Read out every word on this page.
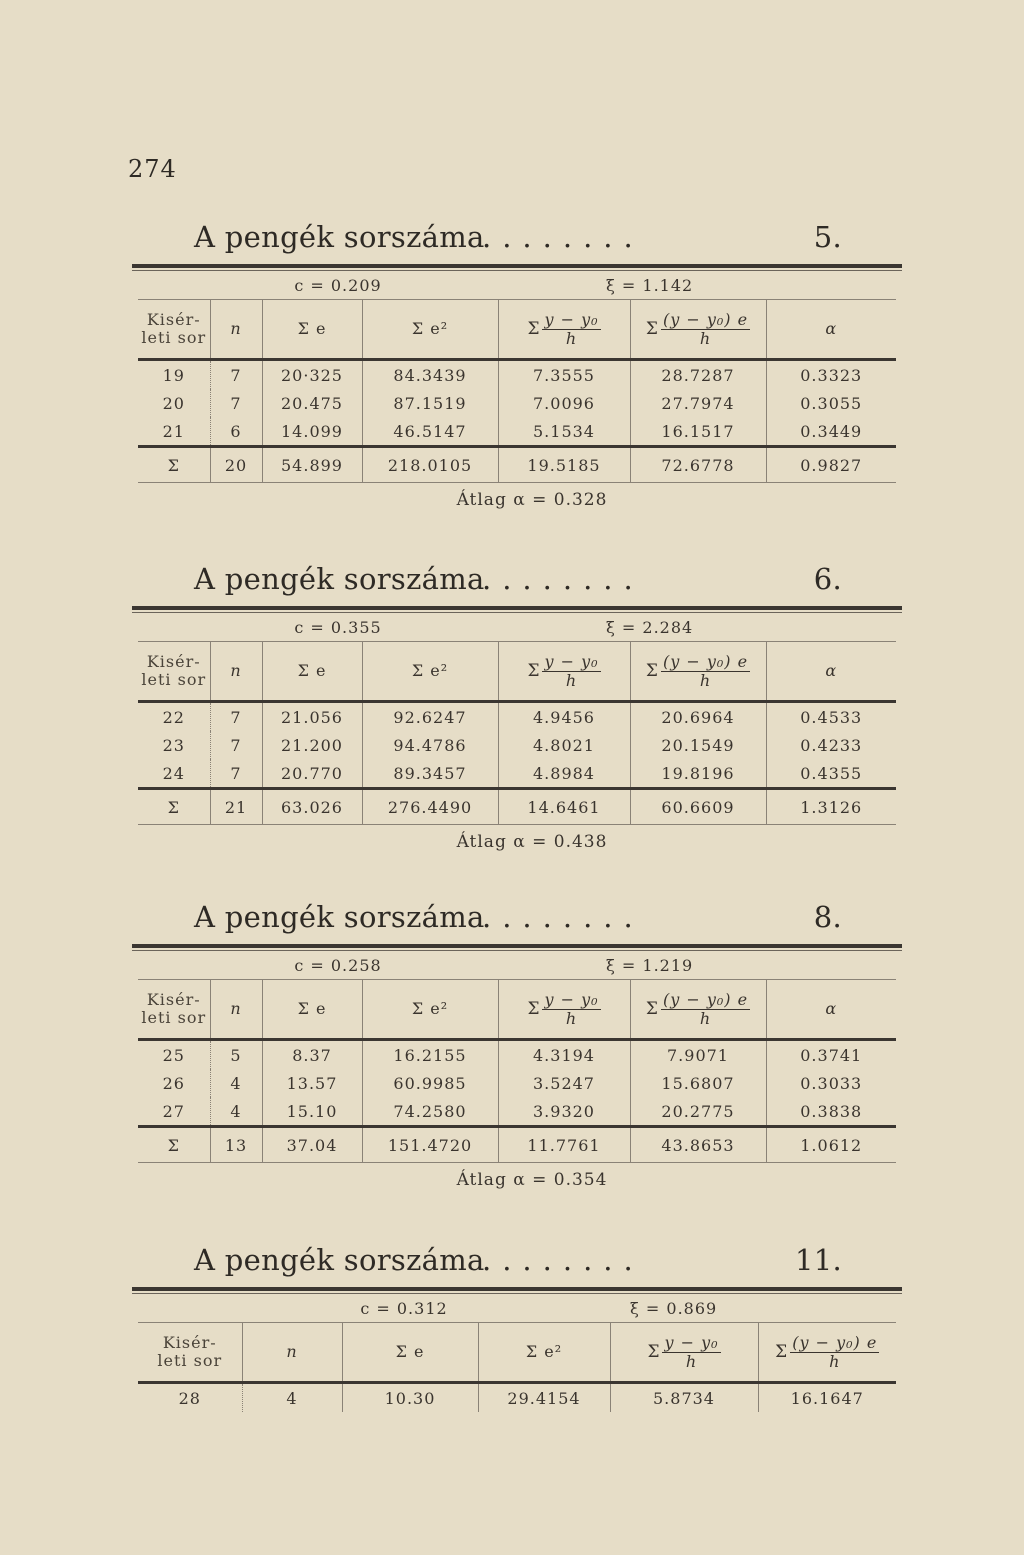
274
A pengék sorszáma
........	5.
c = 0.209				ξ = 1.142		
Kisér-
leti sor	n	Σ e	Σ e²	Σ $\frac{\text{y − y₀}}{h}$	Σ $\frac{\text{(y − y₀) e}}{h}$	α

19	7	20·325	84.3439	7.3555	28.7287	0.3323
20	7	20.475	87.1519	7.0096	27.7974	0.3055
21	6	14.099	46.5147	5.1534	16.1517	0.3449
Σ	20	54.899	218.0105	19.5185	72.6778	0.9827
Átlag α = 0.328						
A pengék sorszáma
........	6.
c = 0.355				ξ = 2.284		
Kisér-
leti sor	n	Σ e	Σ e²	Σ $\frac{\text{y − y₀}}{h}$	Σ $\frac{\text{(y − y₀) e}}{h}$	α

22	7	21.056	92.6247	4.9456	20.6964	0.4533
23	7	21.200	94.4786	4.8021	20.1549	0.4233
24	7	20.770	89.3457	4.8984	19.8196	0.4355
Σ	21	63.026	276.4490	14.6461	60.6609	1.3126
Átlag α = 0.438						
A pengék sorszáma
........	8.
c = 0.258				ξ = 1.219		
Kisér-
leti sor	n	Σ e	Σ e²	Σ $\frac{\text{y − y₀}}{h}$	Σ $\frac{\text{(y − y₀) e}}{h}$	α

25	5	8.37	16.2155	4.3194	7.9071	0.3741
26	4	13.57	60.9985	3.5247	15.6807	0.3033
27	4	15.10	74.2580	3.9320	20.2775	0.3838
Σ	13	37.04	151.4720	11.7761	43.8653	1.0612
Átlag α = 0.354						
A pengék sorszáma
........	11.
c = 0.312				ξ = 0.869	
Kisér-
leti sor	n	Σ e	Σ e²	Σ $\frac{\text{y − y₀}}{h}$	Σ $\frac{\text{(y − y₀) e}}{h}$

28	4	10.30	29.4154	5.8734	16.1647
